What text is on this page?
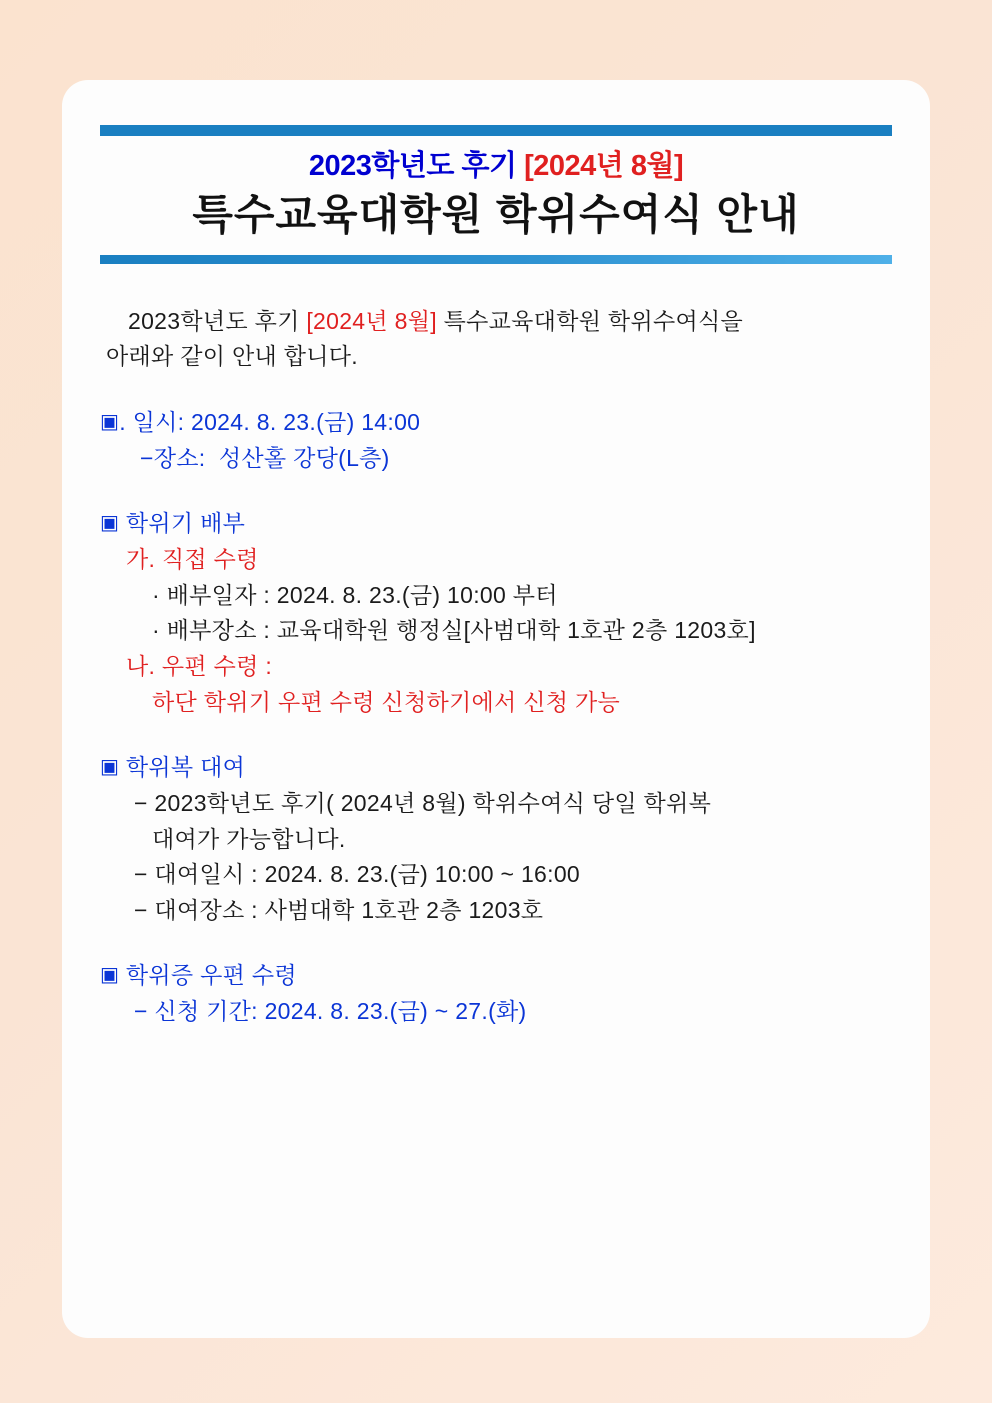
2023학년도 후기 [2024년 8월]
특수교육대학원 학위수여식 안내

2023학년도 후기 [2024년 8월] 특수교육대학원 학위수여식을
아래와 같이 안내 합니다.

▣. 일시: 2024. 8. 23.(금) 14:00
−장소:  성산홀 강당(L층)
▣ 학위기 배부
가. 직접 수령
· 배부일자 : 2024. 8. 23.(금) 10:00 부터
· 배부장소 : 교육대학원 행정실[사범대학 1호관 2층 1203호]
나. 우편 수령 :
하단 학위기 우편 수령 신청하기에서 신청 가능
▣ 학위복 대여
− 2023학년도 후기( 2024년 8월) 학위수여식 당일 학위복
대여가 가능합니다.
− 대여일시 : 2024. 8. 23.(금) 10:00 ~ 16:00
− 대여장소 : 사범대학 1호관 2층 1203호
▣ 학위증 우편 수령
− 신청 기간: 2024. 8. 23.(금) ~ 27.(화)
